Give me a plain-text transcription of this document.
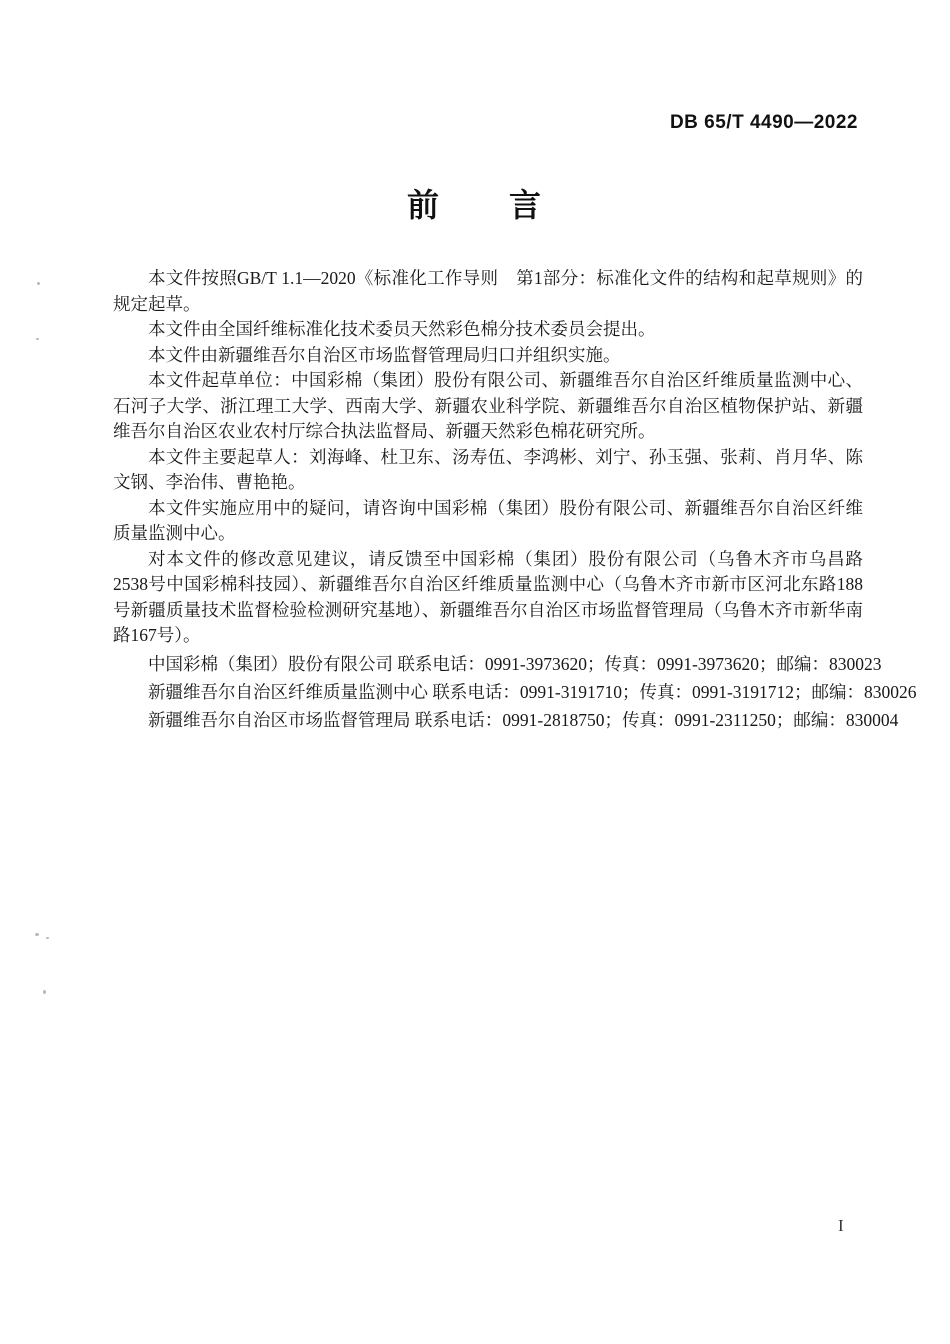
DB 65/T 4490—2022
前　　言

本文件按照GB/T 1.1—2020《标准化工作导则　第1部分：标准化文件的结构和起草规则》的规定起草。

本文件由全国纤维标准化技术委员天然彩色棉分技术委员会提出。

本文件由新疆维吾尔自治区市场监督管理局归口并组织实施。

本文件起草单位：中国彩棉（集团）股份有限公司、新疆维吾尔自治区纤维质量监测中心、石河子大学、浙江理工大学、西南大学、新疆农业科学院、新疆维吾尔自治区植物保护站、新疆维吾尔自治区农业农村厅综合执法监督局、新疆天然彩色棉花研究所。

本文件主要起草人：刘海峰、杜卫东、汤寿伍、李鸿彬、刘宁、孙玉强、张莉、肖月华、陈文钢、李治伟、曹艳艳。

本文件实施应用中的疑问，请咨询中国彩棉（集团）股份有限公司、新疆维吾尔自治区纤维质量监测中心。

对本文件的修改意见建议，请反馈至中国彩棉（集团）股份有限公司（乌鲁木齐市乌昌路2538号中国彩棉科技园）、新疆维吾尔自治区纤维质量监测中心（乌鲁木齐市新市区河北东路188号新疆质量技术监督检验检测研究基地）、新疆维吾尔自治区市场监督管理局（乌鲁木齐市新华南路167号）。

中国彩棉（集团）股份有限公司 联系电话：0991-3973620；传真：0991-3973620；邮编：830023

新疆维吾尔自治区纤维质量监测中心 联系电话：0991-3191710；传真：0991-3191712；邮编：830026

新疆维吾尔自治区市场监督管理局 联系电话：0991-2818750；传真：0991-2311250；邮编：830004

I
